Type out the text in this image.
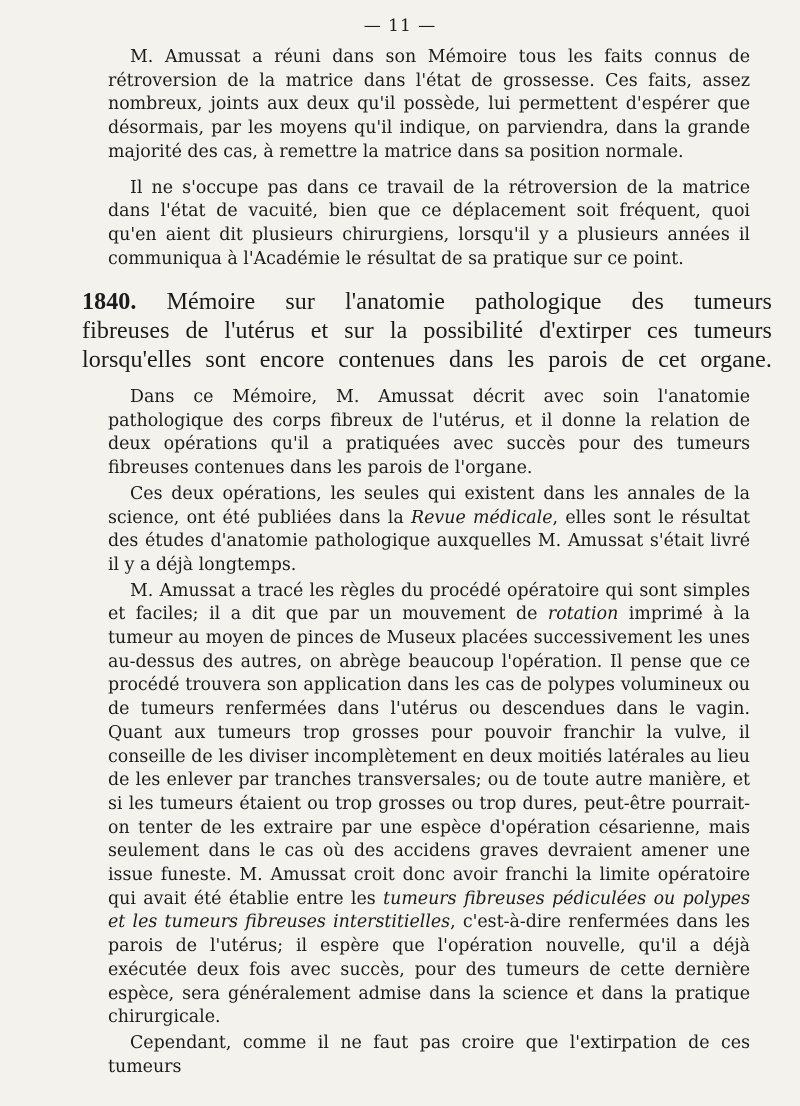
— 11 —

M. Amussat a réuni dans son Mémoire tous les faits connus de rétroversion de la matrice dans l'état de grossesse. Ces faits, assez nombreux, joints aux deux qu'il possède, lui permettent d'espérer que désormais, par les moyens qu'il indique, on parviendra, dans la grande majorité des cas, à remettre la matrice dans sa position normale.

Il ne s'occupe pas dans ce travail de la rétroversion de la matrice dans l'état de vacuité, bien que ce déplacement soit fréquent, quoi qu'en aient dit plusieurs chirurgiens, lorsqu'il y a plusieurs années il communiqua à l'Académie le résultat de sa pratique sur ce point.

1840. Mémoire sur l'anatomie pathologique des tumeurs
fibreuses de l'utérus et sur la possibilité d'extirper ces tumeurs
lorsqu'elles sont encore contenues dans les parois de cet organe.

Dans ce Mémoire, M. Amussat décrit avec soin l'anatomie pathologique des corps fibreux de l'utérus, et il donne la relation de deux opérations qu'il a pratiquées avec succès pour des tumeurs fibreuses contenues dans les parois de l'organe.

Ces deux opérations, les seules qui existent dans les annales de la science, ont été publiées dans la Revue médicale, elles sont le résultat des études d'anatomie pathologique auxquelles M. Amussat s'était livré il y a déjà longtemps.

M. Amussat a tracé les règles du procédé opératoire qui sont simples et faciles; il a dit que par un mouvement de rotation imprimé à la tumeur au moyen de pinces de Museux placées successivement les unes au-dessus des autres, on abrège beaucoup l'opération. Il pense que ce procédé trouvera son application dans les cas de polypes volumineux ou de tumeurs renfermées dans l'utérus ou descendues dans le vagin. Quant aux tumeurs trop grosses pour pouvoir franchir la vulve, il conseille de les diviser incomplètement en deux moitiés latérales au lieu de les enlever par tranches transversales; ou de toute autre manière, et si les tumeurs étaient ou trop grosses ou trop dures, peut-être pourrait-on tenter de les extraire par une espèce d'opération césarienne, mais seulement dans le cas où des accidens graves devraient amener une issue funeste. M. Amussat croit donc avoir franchi la limite opératoire qui avait été établie entre les tumeurs fibreuses pédiculées ou polypes et les tumeurs fibreuses interstitielles, c'est-à-dire renfermées dans les parois de l'utérus; il espère que l'opération nouvelle, qu'il a déjà exécutée deux fois avec succès, pour des tumeurs de cette dernière espèce, sera généralement admise dans la science et dans la pratique chirurgicale.

Cependant, comme il ne faut pas croire que l'extirpation de ces tumeurs
